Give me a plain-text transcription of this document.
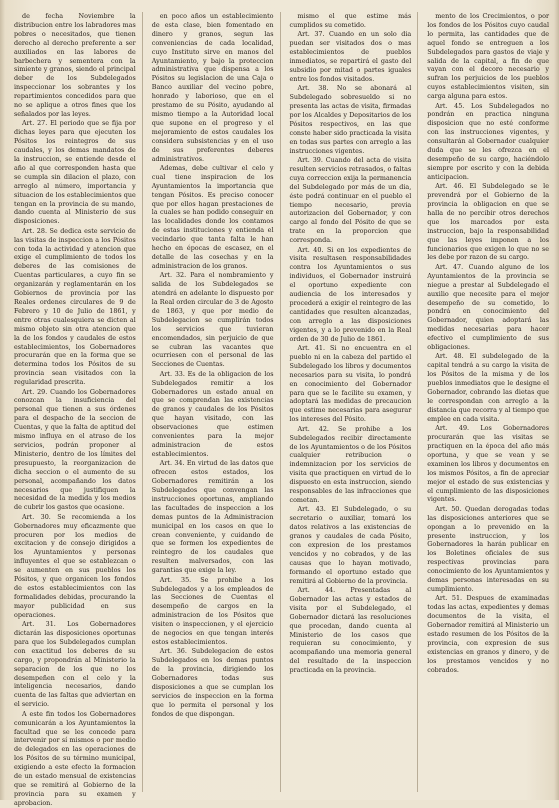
de fecha Noviembre la distribucion entre los labradores mas pobres o necesitados, que tienen derecho al derecho preferente a ser auxiliados en las labores de barbechera y sementera con la simiente y granos, siendo el principal deber de los Subdelegados inspeccionar los sobrantes y los repartimientos concedidos para que no se aplique a otros fines que los señalados por las leyes.

Art. 27. El periodo que se fija por dichas leyes para que ejecuten los Pósitos los reintegros de sus caudales, y los demas mandatos de la instruccion, se entiende desde el año al que corresponden hasta que se cumpla sin dilacion el plazo, con arreglo al número, importancia y situacion de los establecimientos que tengan en la provincia de su mando, dando cuenta al Ministerio de sus disposiciones.

Art. 28. Se dedica este servicio de las visitas de inspeccion a los Pósitos con toda la actividad y atencion que exige el cumplimiento de todos los deberes de las comisiones de Cuentas particulares, a cuyo fin se organizarán y reglamentarán en los Gobiernos de provincia por las Reales ordenes circulares de 9 de Febrero y 10 de Julio de 1861, y entre otras cualesquiera se dicten al mismo objeto sin otra atencion que la de los fondos y caudales de estos establecimientos, los Gobernadores procurarán que en la forma que se determina todos los Pósitos de su provincia sean visitados con la regularidad prescrita.

Art. 29. Cuando los Gobernadores conozcan la insuficiencia del personal que tienen a sus órdenes para el despacho de la seccion de Cuentas, y que la falta de aptitud del mismo influya en el atraso de los servicios, podrán proponer al Ministerio, dentro de los límites del presupuesto, la reorganizacion de dicha seccion o el aumento de su personal, acompañando los datos necesarios que justifiquen la necesidad de la medida y los medios de cubrir los gastos que ocasione.

Art. 30. Se recomienda a los Gobernadores muy eficazmente que procuren por los medios de excitacion y de consejo dirigidos a los Ayuntamientos y personas influyentes el que se establezcan o se aumenten en sus pueblos los Pósitos, y que organicen los fondos de estos establecimientos con las formalidades debidas, procurando la mayor publicidad en sus operaciones.

Art. 31. Los Gobernadores dictarán las disposiciones oportunas para que los Subdelegados cumplan con exactitud los deberes de su cargo, y propondrán al Ministerio la separacion de los que no los desempeñen con el celo y la inteligencia necesarios, dando cuenta de las faltas que adviertan en el servicio.

A este fin todos los Gobernadores comunicarán a los Ayuntamientos la facultad que se les concede para intervenir por sí mismos o por medio de delegados en las operaciones de los Pósitos de su término municipal, exigiendo a este efecto la formacion de un estado mensual de existencias que se remitirá al Gobierno de la provincia para su examen y aprobacion.

en poco años un establecimiento de esta clase, bien fomentado en dinero y granos, segun las conveniencias de cada localidad, cuyo Instituto sirve en manos del Ayuntamiento, y bajo la proteccion administrativa que dispensa a los Pósitos su legislacion de una Caja o Banco auxiliar del vecino pobre, honrado y laborioso, que en el prestamo de su Pósito, ayudando al mismo tiempo a la Autoridad local que supone en el progreso y el mejoramiento de estos caudales los considera subsistencias y en el uso de sus preferentes deberes administrativos.

Ademas, debe cultivar el celo y cual tiene inspiracion de los Ayuntamientos la importancia que tengan Pósitos. Es preciso conocer que por ellos hagan prestaciones de la cuales se han podido conseguir en las localidades donde los contamos de estas instituciones y entienda el vecindario que tanta falta le han hecho en épocas de escasez, en el detalle de las cosechas y en la administracion de los granos.

Art. 32. Para el nombramiento y salida de los Subdelegados se atendrá en adelante lo dispuesto por la Real orden circular de 3 de Agosto de 1863, y que por medio de Subdelegacion se cumplirán todos los servicios que tuvieran encomendados, sin perjuicio de que se cubran las vacantes que ocurriesen con el personal de las Secciones de Cuentas.

Art. 33. Es de la obligacion de los Subdelegados remitir a los Gobernadores un estado anual en que se comprendan las existencias de granos y caudales de los Pósitos que hayan visitado, con las observaciones que estimen convenientes para la mejor administracion de estos establecimientos.

Art. 34. En virtud de las datos que ofrecen estos estados, los Gobernadores remitirán a los Subdelegados que convengan las instrucciones oportunas, ampliando las facultades de inspeccion a los demas puntos de la Administracion municipal en los casos en que lo crean conveniente, y cuidando de que se formen los expedientes de reintegro de los caudales que resulten malversados, con las garantias que exige la ley.

Art. 35. Se prohibe a los Subdelegados y a los empleados de las Secciones de Cuentas el desempeño de cargos en la administracion de los Pósitos que visiten o inspeccionen, y el ejercicio de negocios en que tengan interés estos establecimientos.

Art. 36. Subdelegacion de estos Subdelegados en los demas puntos de la provincia, dirigiendo los Gobernadores todas sus disposiciones a que se cumplan los servicios de inspeccion en la forma que lo permita el personal y los fondos de que dispongan.

mismo el que estime más cumplidos su cometido.

Art. 37. Cuando en un solo dia puedan ser visitados dos o mas establecimientos de pueblos inmediatos, se repartirá el gasto del subsidio por mitad o partes iguales entre los fondos visitados.

Art. 38. No se abonará al Subdelegado sobresueldo si no presenta las actas de visita, firmadas por los Alcaldes y Depositarios de los Pósitos respectivos, en las que conste haber sido practicada la visita en todas sus partes con arreglo a las instrucciones vigentes.

Art. 39. Cuando del acta de visita resulten servicios retrasados, o faltas cuya correccion exija la permanencia del Subdelegado por más de un dia, éste podrá continuar en el pueblo el tiempo necesario, previa autorizacion del Gobernador, y con cargo al fondo del Pósito de que se trate en la proporcion que corresponda.

Art. 40. Si en los expedientes de visita resultasen responsabilidades contra los Ayuntamientos o sus individuos, el Gobernador instruirá el oportuno expediente con audiencia de los interesados y procederá a exigir el reintegro de las cantidades que resulten alcanzadas, con arreglo a las disposiciones vigentes, y a lo prevenido en la Real orden de 30 de Julio de 1861.

Art. 41. Si no encuentra en el pueblo ni en la cabeza del partido el Subdelegado los libros y documentos necesarios para su visita, lo pondrá en conocimiento del Gobernador para que se le facilite su examen, y adoptará las medidas de precaucion que estime necesarias para asegurar los intereses del Pósito.

Art. 42. Se prohibe a los Subdelegados recibir directamente de los Ayuntamientos o de los Pósitos cualquier retribucion o indemnizacion por los servicios de visita que practiquen en virtud de lo dispuesto en esta instruccion, siendo responsables de las infracciones que cometan.

Art. 43. El Subdelegado, o su secretario o auxiliar, tomará los datos relativos a las existencias de granos y caudales de cada Pósito, con expresion de los prestamos vencidos y no cobrados, y de las causas que lo hayan motivado, formando el oportuno estado que remitirá al Gobierno de la provincia.

Art. 44. Presentadas al Gobernador las actas y estados de visita por el Subdelegado, el Gobernador dictará las resoluciones que procedan, dando cuenta al Ministerio de los casos que requieran su conocimiento, y acompañando una memoria general del resultado de la inspeccion practicada en la provincia.

mento de los Crecimientos, o por los fondos de los Pósitos cuyo caudal lo permita, las cantidades que de aquel fondo se entreguen a los Subdelegados para gastos de viaje y salida de la capital, a fin de que vayan con el decoro necesario y sufran los perjuicios de los pueblos cuyos establecimientos visiten, sin carga alguna para estos.

Art. 45. Los Subdelegados no pondrán en practica ninguna disposicion que no esté conforme con las instrucciones vigentes, y consultarán al Gobernador cualquier duda que se les ofrezca en el desempeño de su cargo, haciéndolo siempre por escrito y con la debida anticipacion.

Art. 46. El Subdelegado se le prevendrá por el Gobierno de la provincia la obligacion en que se halla de no percibir otros derechos que los marcados por esta instruccion, bajo la responsabilidad que las leyes imponen a los funcionarios que exigen lo que no se les debe por razon de su cargo.

Art. 47. Cuando alguno de los Ayuntamientos de la provincia se niegue a prestar al Subdelegado el auxilio que necesite para el mejor desempeño de su cometido, lo pondrá en conocimiento del Gobernador, quien adoptará las medidas necesarias para hacer efectivo el cumplimiento de sus obligaciones.

Art. 48. El subdelegado de la capital tendrá a su cargo la visita de los Pósitos de la misma y de los pueblos inmediatos que le designe el Gobernador, cobrando las dietas que le correspondan con arreglo a la distancia que recorra y al tiempo que emplee en cada visita.

Art. 49. Los Gobernadores procurarán que las visitas se practiquen en la época del año más oportuna, y que se vean y se examinen los libros y documentos en los mismos Pósitos, a fin de apreciar mejor el estado de sus existencias y el cumplimiento de las disposiciones vigentes.

Art. 50. Quedan derogadas todas las disposiciones anteriores que se opongan a lo prevenido en la presente instruccion, y los Gobernadores la harán publicar en los Boletines oficiales de sus respectivas provincias para conocimiento de los Ayuntamientos y demas personas interesadas en su cumplimiento.

Art. 51. Despues de examinadas todas las actas, expedientes y demas documentos de la visita, el Gobernador remitirá al Ministerio un estado resumen de los Pósitos de la provincia, con expresion de sus existencias en granos y dinero, y de los prestamos vencidos y no cobrados.
